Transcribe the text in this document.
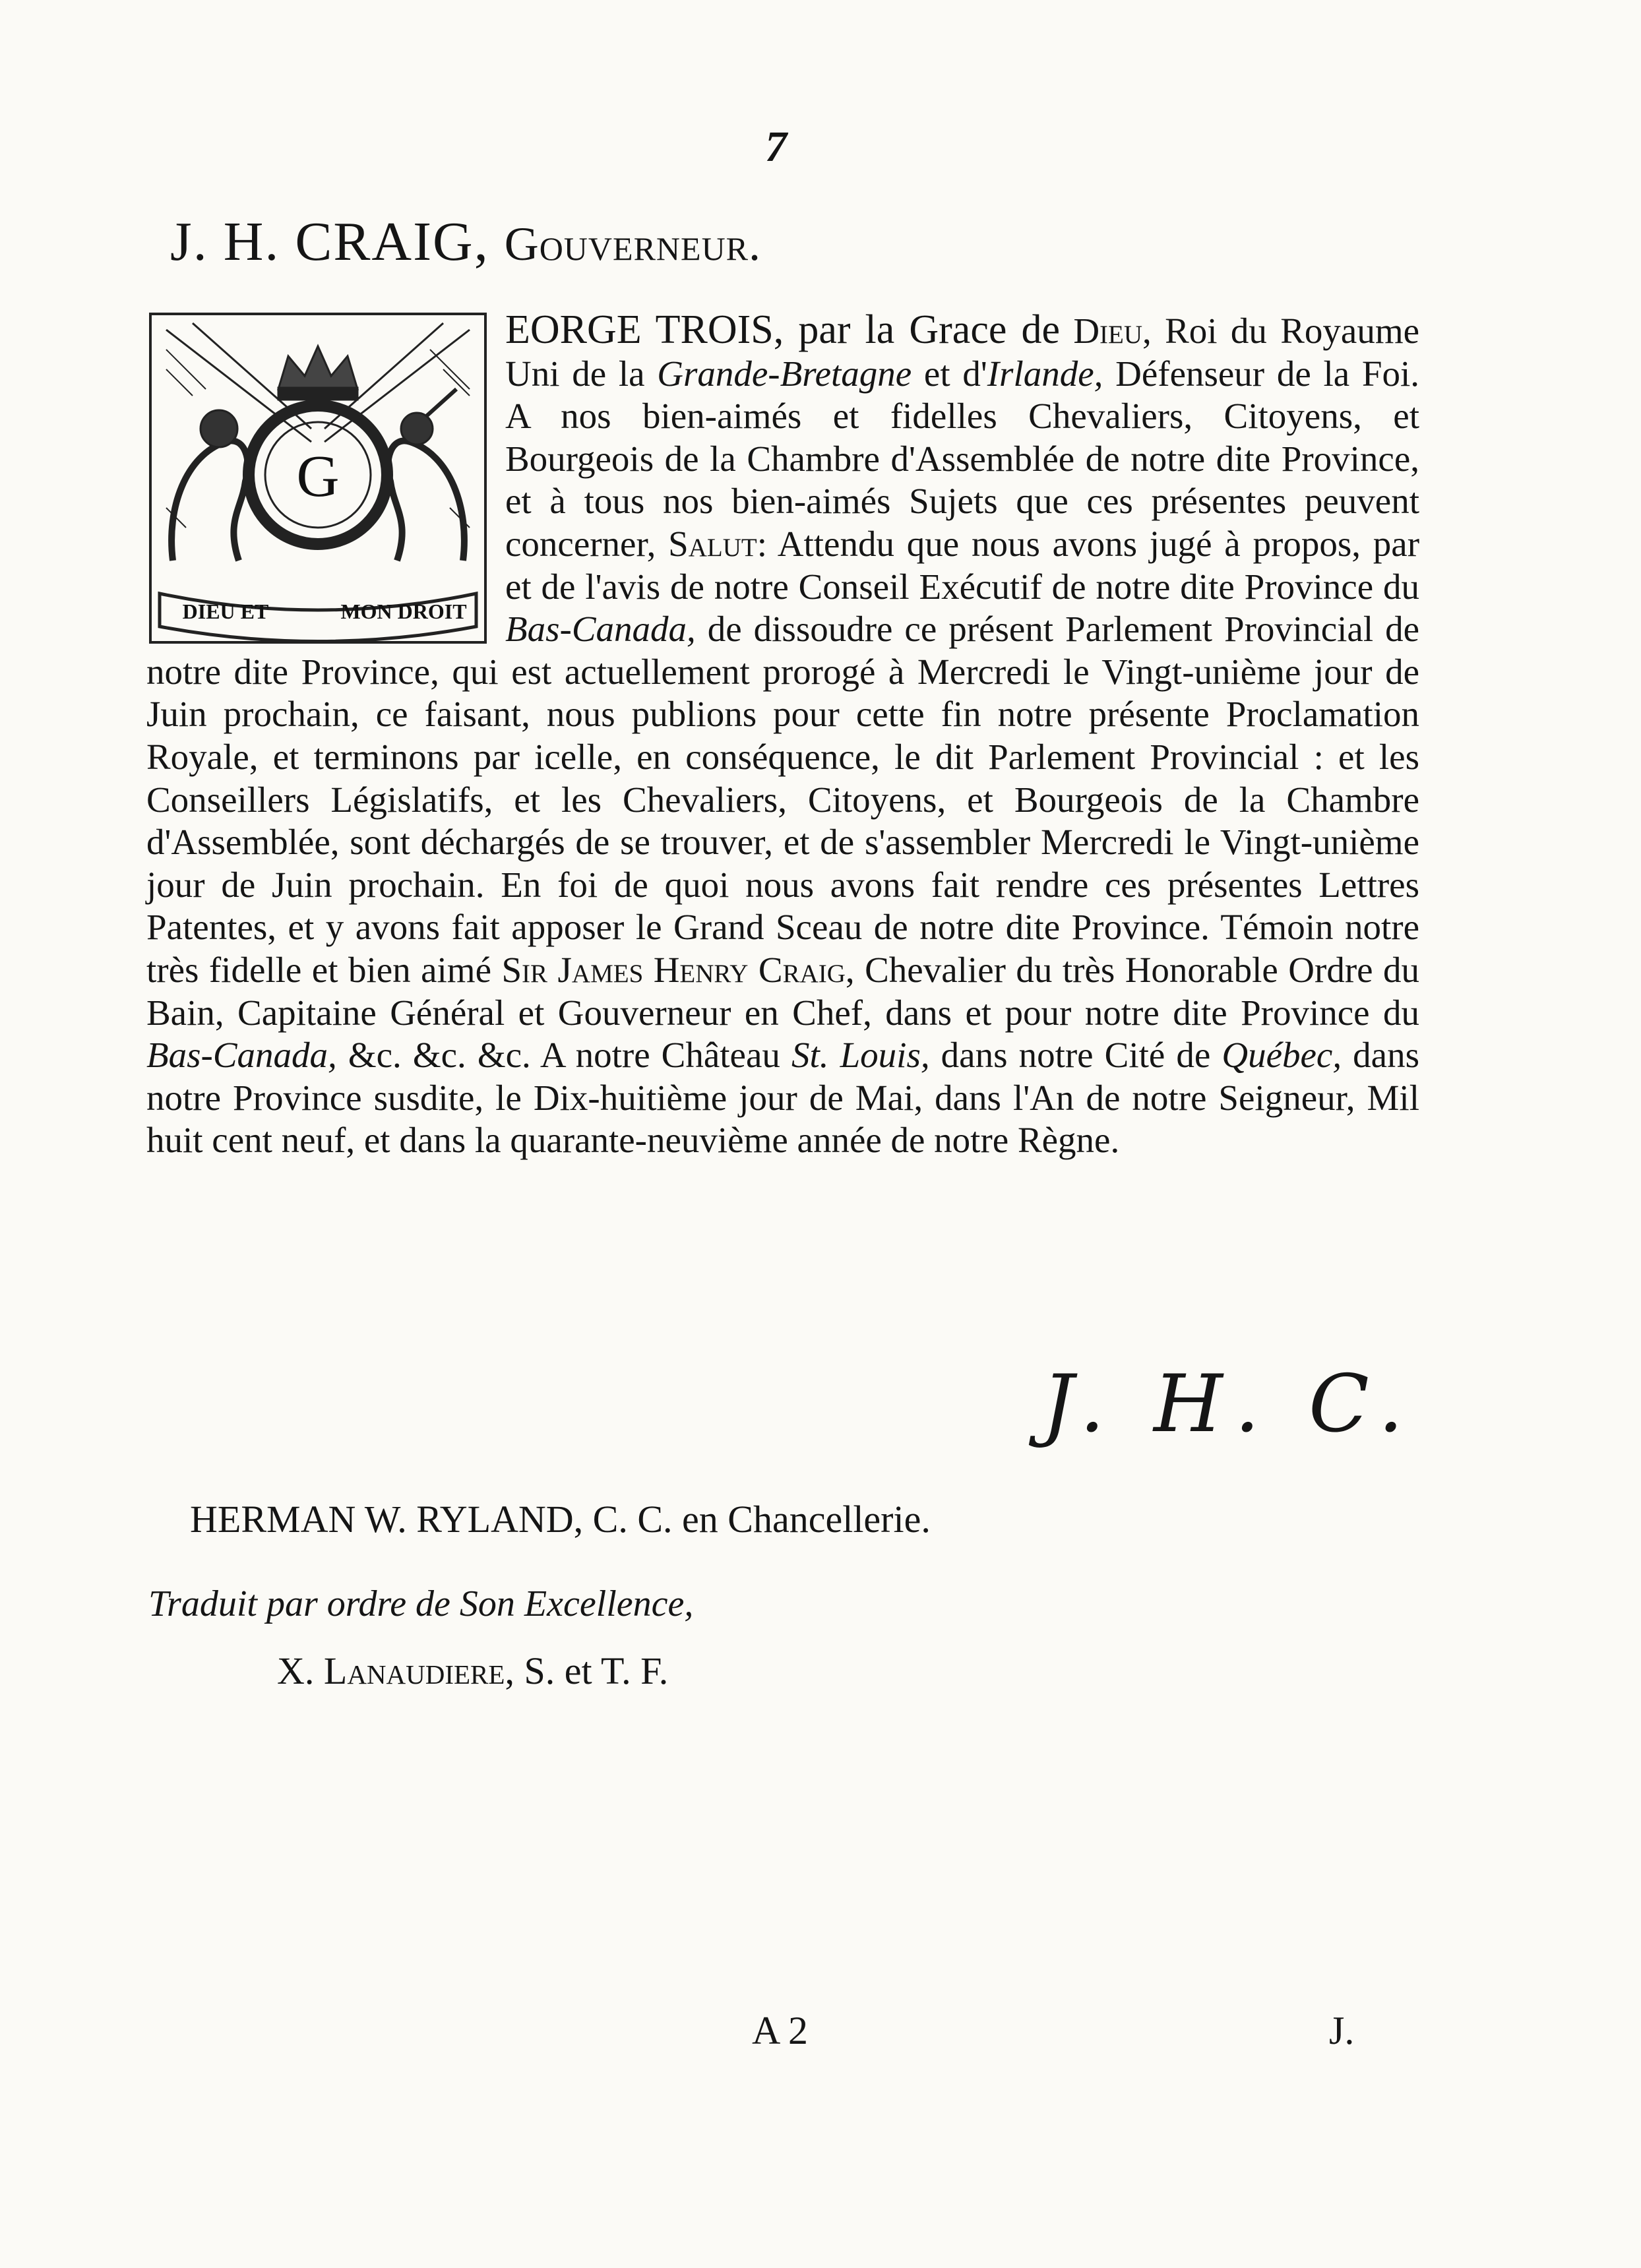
7
J. H. CRAIG, Gouverneur.

EORGE TROIS, par la Grace de Dieu, Roi du Royaume Uni de la Grande-Bretagne et d'Irlande, Défenseur de la Foi. A nos bien-aimés et fidelles Chevaliers, Citoyens, et Bourgeois de la Chambre d'Assemblée de notre dite Province, et à tous nos bien-aimés Sujets que ces présentes peuvent concerner, Salut: Attendu que nous avons jugé à propos, par et de l'avis de notre Conseil Exécutif de notre dite Province du Bas-Canada, de dissoudre ce présent Parlement Provincial de notre dite Province, qui est actuellement prorogé à Mercredi le Vingt-unième jour de Juin prochain, ce faisant, nous publions pour cette fin notre présente Proclamation Royale, et terminons par icelle, en conséquence, le dit Parlement Provincial : et les Conseillers Législatifs, et les Chevaliers, Citoyens, et Bourgeois de la Chambre d'Assemblée, sont déchargés de se trouver, et de s'assembler Mercredi le Vingt-unième jour de Juin prochain. En foi de quoi nous avons fait rendre ces présentes Lettres Patentes, et y avons fait apposer le Grand Sceau de notre dite Province. Témoin notre très fidelle et bien aimé Sir James Henry Craig, Chevalier du très Honorable Ordre du Bain, Capitaine Général et Gouverneur en Chef, dans et pour notre dite Province du Bas-Canada, &c. &c. &c. A notre Château St. Louis, dans notre Cité de Québec, dans notre Province susdite, le Dix-huitième jour de Mai, dans l'An de notre Seigneur, Mil huit cent neuf, et dans la quarante-neuvième année de notre Règne.

G
DIEU ET	MON DROIT
J. H. C.
HERMAN W. RYLAND, C. C. en Chancellerie.
Traduit par ordre de Son Excellence,
X. Lanaudiere, S. et T. F.
A 2	J.
